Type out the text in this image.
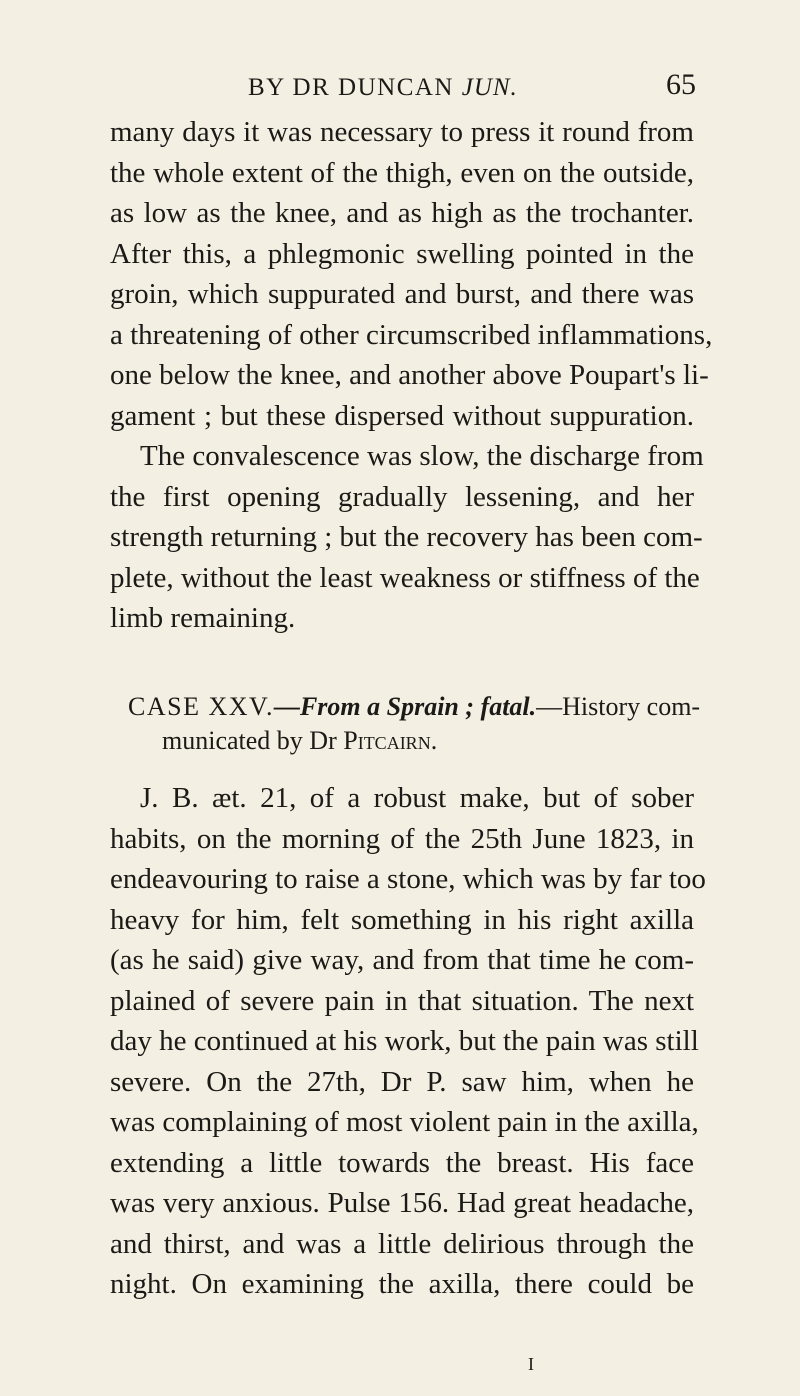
BY DR DUNCAN JUN.	65
many days it was necessary to press it round from
the whole extent of the thigh, even on the outside,
as low as the knee, and as high as the trochanter.
After this, a phlegmonic swelling pointed in the
groin, which suppurated and burst, and there was
a threatening of other circumscribed inflammations,
one below the knee, and another above Poupart's li-
gament ; but these dispersed without suppuration.
The convalescence was slow, the discharge from
the first opening gradually lessening, and her
strength returning ; but the recovery has been com-
plete, without the least weakness or stiffness of the
limb remaining.
CASE XXV.—From a Sprain ; fatal.—History com-
municated by Dr Pitcairn.
J. B. æt. 21, of a robust make, but of sober
habits, on the morning of the 25th June 1823, in
endeavouring to raise a stone, which was by far too
heavy for him, felt something in his right axilla
(as he said) give way, and from that time he com-
plained of severe pain in that situation. The next
day he continued at his work, but the pain was still
severe. On the 27th, Dr P. saw him, when he
was complaining of most violent pain in the axilla,
extending a little towards the breast. His face
was very anxious. Pulse 156. Had great headache,
and thirst, and was a little delirious through the
night. On examining the axilla, there could be
I
